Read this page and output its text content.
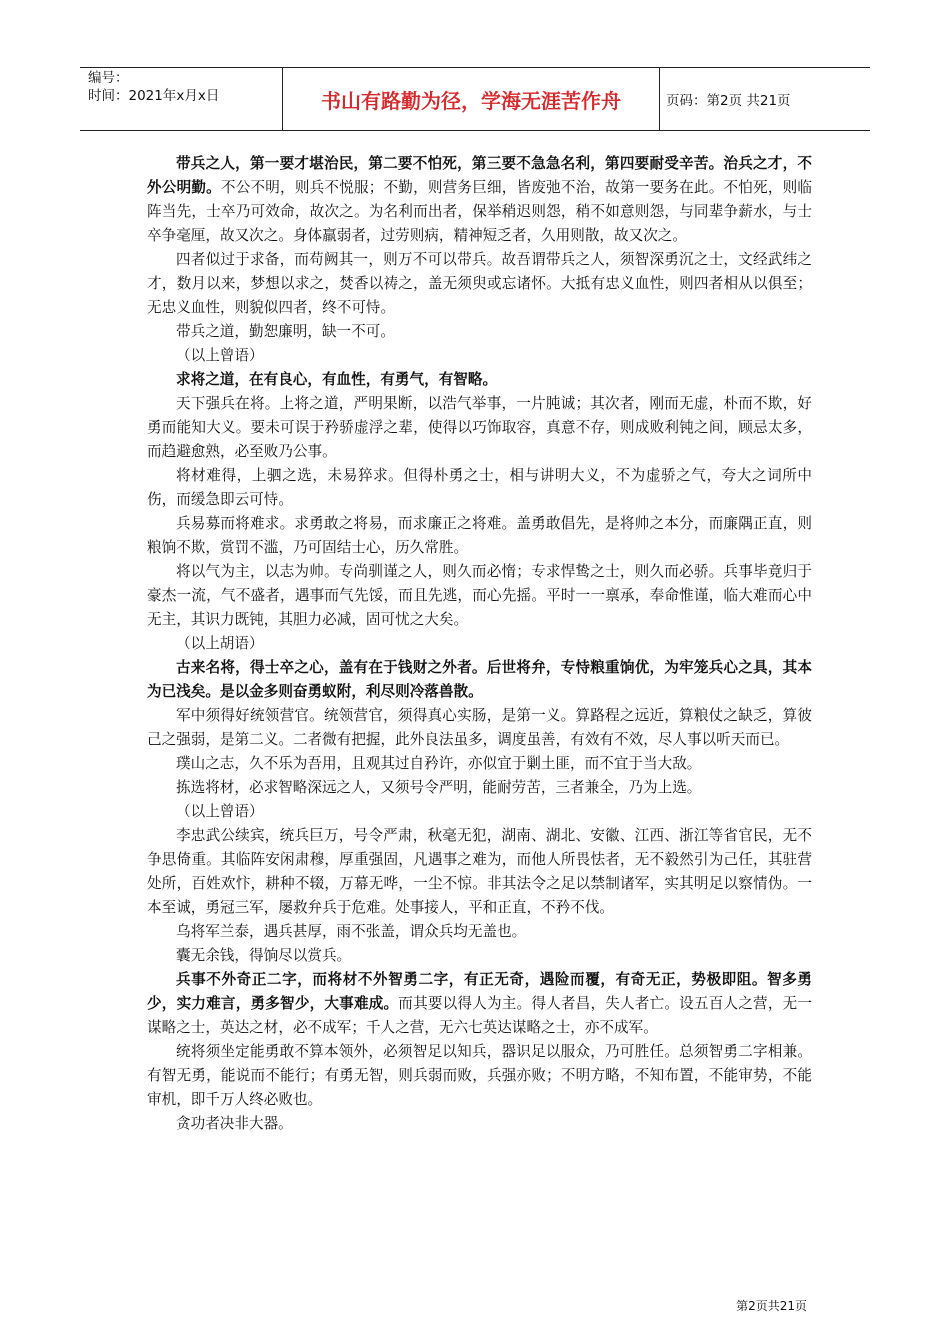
编号：
时间：2021年x月x日	书山有路勤为径，学海无涯苦作舟	页码：第2页 共21页

带兵之人，第一要才堪治民，第二要不怕死，第三要不急急名利，第四要耐受辛苦。治兵之才，不外公明勤。不公不明，则兵不悦服；不勤，则营务巨细，皆废弛不治，故第一要务在此。不怕死，则临阵当先，士卒乃可效命，故次之。为名利而出者，保举稍迟则怨，稍不如意则怨，与同辈争薪水，与士卒争毫厘，故又次之。身体羸弱者，过劳则病，精神短乏者，久用则散，故又次之。

四者似过于求备，而苟阙其一，则万不可以带兵。故吾谓带兵之人，须智深勇沉之士，文经武纬之才，数月以来，梦想以求之，焚香以祷之，盖无须臾或忘诸怀。大抵有忠义血性，则四者相从以俱至；无忠义血性，则貌似四者，终不可恃。

带兵之道，勤恕廉明，缺一不可。

（以上曾语）

求将之道，在有良心，有血性，有勇气，有智略。

天下强兵在将。上将之道，严明果断，以浩气举事，一片肫诚；其次者，刚而无虚，朴而不欺，好勇而能知大义。要未可误于矜骄虚浮之辈，使得以巧饰取容，真意不存，则成败利钝之间，顾忌太多，而趋避愈熟，必至败乃公事。

将材难得，上驷之选，未易猝求。但得朴勇之士，相与讲明大义，不为虚骄之气，夸大之词所中伤，而缓急即云可恃。

兵易募而将难求。求勇敢之将易，而求廉正之将难。盖勇敢倡先，是将帅之本分，而廉隅正直，则粮饷不欺，赏罚不滥，乃可固结士心，历久常胜。

将以气为主，以志为帅。专尚驯谨之人，则久而必惰；专求悍鸷之士，则久而必骄。兵事毕竟归于豪杰一流，气不盛者，遇事而气先馁，而且先逃，而心先摇。平时一一禀承，奉命惟谨，临大难而心中无主，其识力既钝，其胆力必减，固可忧之大矣。

（以上胡语）

古来名将，得士卒之心，盖有在于钱财之外者。后世将弁，专恃粮重饷优，为牢笼兵心之具，其本为已浅矣。是以金多则奋勇蚁附，利尽则冷落兽散。

军中须得好统领营官。统领营官，须得真心实肠，是第一义。算路程之远近，算粮仗之缺乏，算彼己之强弱，是第二义。二者微有把握，此外良法虽多，调度虽善，有效有不效，尽人事以听天而已。

璞山之志，久不乐为吾用，且观其过自矜许，亦似宜于剿土匪，而不宜于当大敌。

拣选将材，必求智略深远之人，又须号令严明，能耐劳苦，三者兼全，乃为上选。

（以上曾语）

李忠武公续宾，统兵巨万，号令严肃，秋毫无犯，湖南、湖北、安徽、江西、浙江等省官民，无不争思倚重。其临阵安闲肃穆，厚重强固，凡遇事之难为，而他人所畏怯者，无不毅然引为己任，其驻营处所，百姓欢忭，耕种不辍，万幕无哗，一尘不惊。非其法令之足以禁制诸军，实其明足以察情伪。一本至诚，勇冠三军，屡救弁兵于危难。处事接人，平和正直，不矜不伐。

乌将军兰泰，遇兵甚厚，雨不张盖，谓众兵均无盖也。

囊无余钱，得饷尽以赏兵。

兵事不外奇正二字，而将材不外智勇二字，有正无奇，遇险而覆，有奇无正，势极即阻。智多勇少，实力难言，勇多智少，大事难成。而其要以得人为主。得人者昌，失人者亡。设五百人之营，无一谋略之士，英达之材，必不成军；千人之营，无六七英达谋略之士，亦不成军。

统将须坐定能勇敢不算本领外，必须智足以知兵，器识足以服众，乃可胜任。总须智勇二字相兼。有智无勇，能说而不能行；有勇无智，则兵弱而败，兵强亦败；不明方略，不知布置，不能审势，不能审机，即千万人终必败也。

贪功者决非大器。

第2页共21页
